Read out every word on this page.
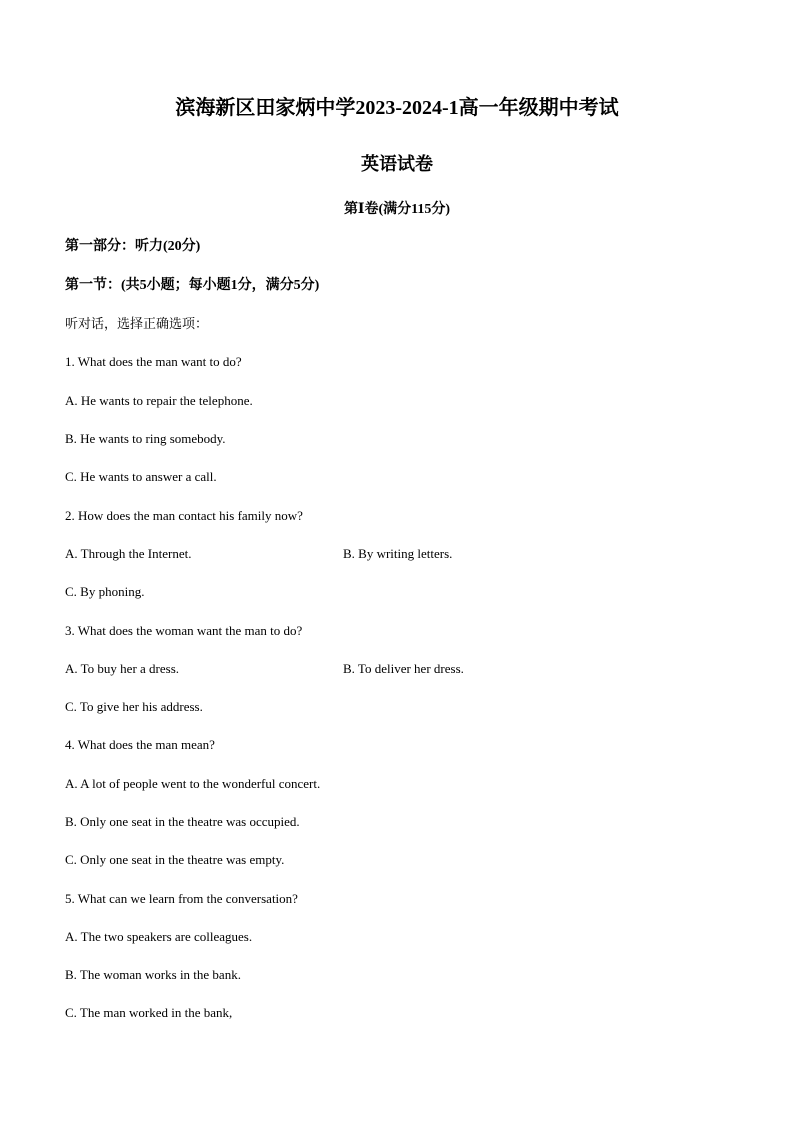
滨海新区田家炳中学2023-2024-1高一年级期中考试
英语试卷
第Ⅰ卷(满分115分)
第一部分：听力(20分)
第一节：(共5小题；每小题1分，满分5分)
听对话，选择正确选项：
1. What does the man want to do?
A. He wants to repair the telephone.
B. He wants to ring somebody.
C. He wants to answer a call.
2. How does the man contact his family now?
A. Through the Internet.	B. By writing letters.
C. By phoning.
3. What does the woman want the man to do?
A. To buy her a dress.	B. To deliver her dress.
C. To give her his address.
4. What does the man mean?
A. A lot of people went to the wonderful concert.
B. Only one seat in the theatre was occupied.
C. Only one seat in the theatre was empty.
5. What can we learn from the conversation?
A. The two speakers are colleagues.
B. The woman works in the bank.
C. The man worked in the bank,
